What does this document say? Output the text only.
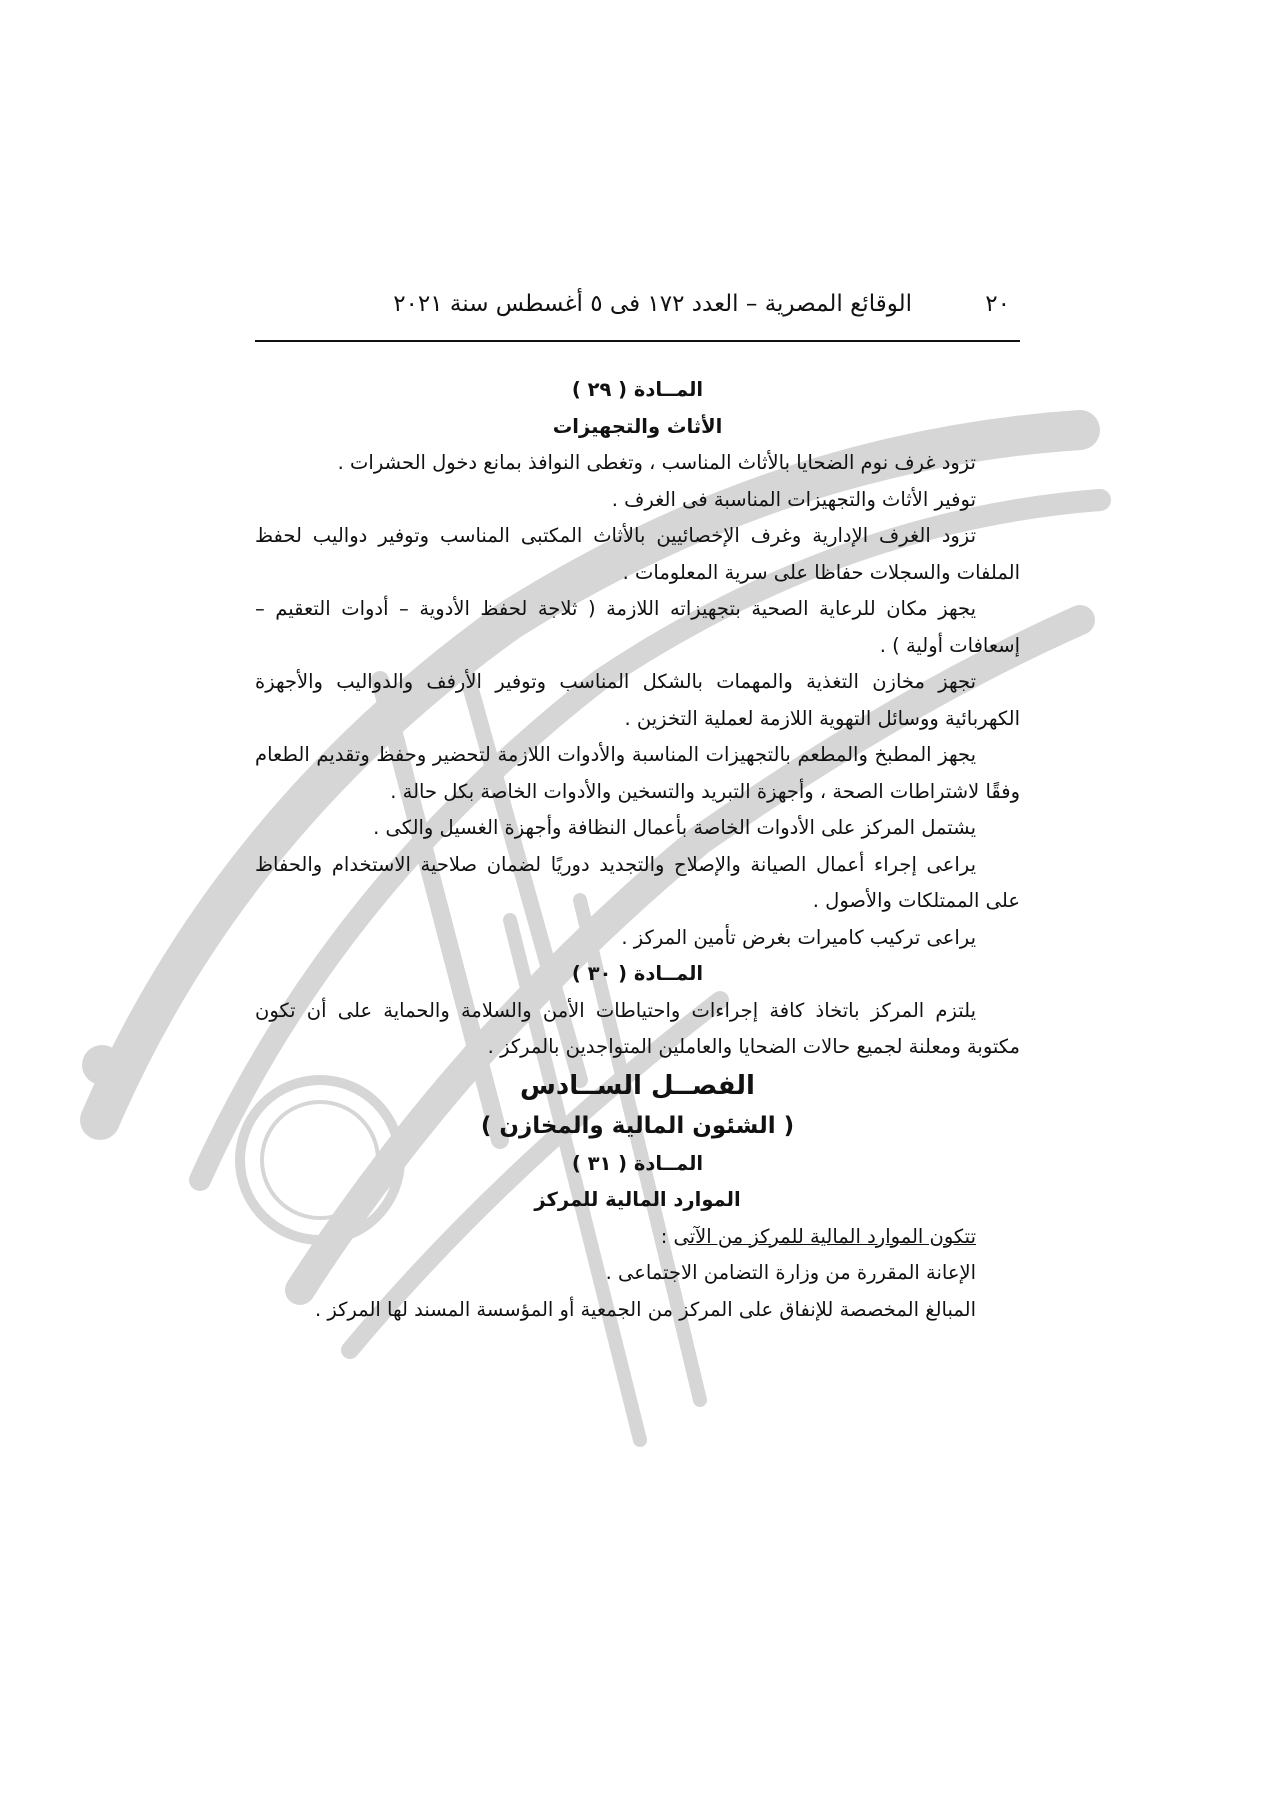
٢٠
الوقائع المصرية – العدد ١٧٢ فى ٥ أغسطس سنة ٢٠٢١

المــادة ( ٢٩ )

الأثاث والتجهيزات

تزود غرف نوم الضحايا بالأثاث المناسب ، وتغطى النوافذ بمانع دخول الحشرات .

توفير الأثاث والتجهيزات المناسبة فى الغرف .

تزود الغرف الإدارية وغرف الإخصائيين بالأثاث المكتبى المناسب وتوفير دواليب لحفظ الملفات والسجلات حفاظا على سرية المعلومات .

يجهز مكان للرعاية الصحية بتجهيزاته اللازمة ( ثلاجة لحفظ الأدوية – أدوات التعقيم – إسعافات أولية ) .

تجهز مخازن التغذية والمهمات بالشكل المناسب وتوفير الأرفف والدواليب والأجهزة الكهربائية ووسائل التهوية اللازمة لعملية التخزين .

يجهز المطبخ والمطعم بالتجهيزات المناسبة والأدوات اللازمة لتحضير وحفظ وتقديم الطعام وفقًا لاشتراطات الصحة ، وأجهزة التبريد والتسخين والأدوات الخاصة بكل حالة .

يشتمل المركز على الأدوات الخاصة بأعمال النظافة وأجهزة الغسيل والكى .

يراعى إجراء أعمال الصيانة والإصلاح والتجديد دوريًا لضمان صلاحية الاستخدام والحفاظ على الممتلكات والأصول .

يراعى تركيب كاميرات بغرض تأمين المركز .

المــادة ( ٣٠ )

يلتزم المركز باتخاذ كافة إجراءات واحتياطات الأمن والسلامة والحماية على أن تكون مكتوبة ومعلنة لجميع حالات الضحايا والعاملين المتواجدين بالمركز .

الفصــل الســادس

( الشئون المالية والمخازن )

المــادة ( ٣١ )

الموارد المالية للمركز

تتكون الموارد المالية للمركز من الآتى :

الإعانة المقررة من وزارة التضامن الاجتماعى .

المبالغ المخصصة للإنفاق على المركز من الجمعية أو المؤسسة المسند لها المركز .
